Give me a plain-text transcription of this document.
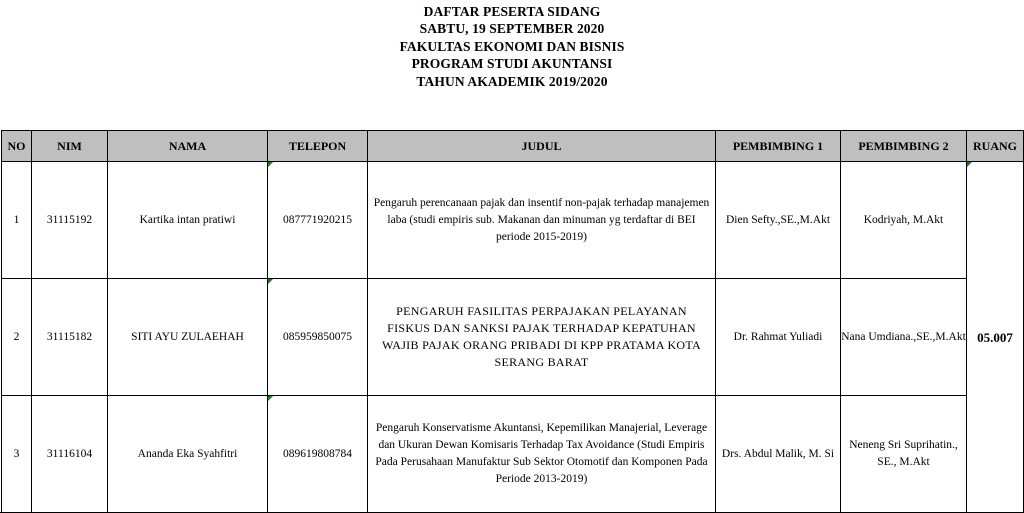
DAFTAR PESERTA SIDANG
SABTU, 19 SEPTEMBER 2020
FAKULTAS EKONOMI DAN BISNIS
PROGRAM STUDI AKUNTANSI
TAHUN AKADEMIK 2019/2020
NO	NIM	NAMA	TELEPON	JUDUL	PEMBIMBING 1	PEMBIMBING 2	RUANG
1	31115192	Kartika intan pratiwi	087771920215	Pengaruh perencanaan pajak dan insentif non-pajak terhadap manajemen laba (studi empiris sub. Makanan dan minuman yg terdaftar di BEI periode 2015-2019)	Dien Sefty.,SE.,M.Akt	Kodriyah, M.Akt	05.007
2	31115182	SITI AYU ZULAEHAH	085959850075	PENGARUH FASILITAS PERPAJAKAN PELAYANAN FISKUS DAN SANKSI PAJAK TERHADAP KEPATUHAN WAJIB PAJAK ORANG PRIBADI DI KPP PRATAMA KOTA SERANG BARAT	Dr. Rahmat Yuliadi	Nana Umdiana.,SE.,M.Akt	
3	31116104	Ananda Eka Syahfitri	089619808784	Pengaruh Konservatisme Akuntansi, Kepemilikan Manajerial, Leverage dan Ukuran Dewan Komisaris Terhadap Tax Avoidance (Studi Empiris Pada Perusahaan Manufaktur Sub Sektor Otomotif dan Komponen Pada Periode 2013-2019)	Drs. Abdul Malik, M. Si	Neneng Sri Suprihatin., SE., M.Akt	
